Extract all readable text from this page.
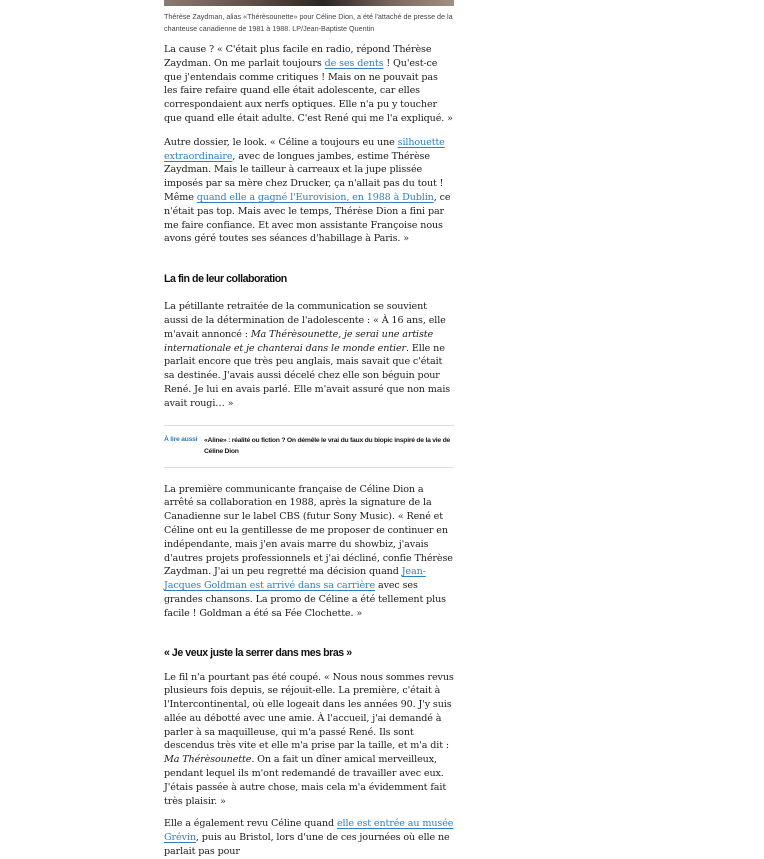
Thérèse Zaydman, alias «Thérèsounette» pour Céline Dion, a été l'attaché de presse de la chanteuse canadienne de 1981 à 1988. LP/Jean-Baptiste Quentin

La cause ? « C'était plus facile en radio, répond Thérèse Zaydman. On me parlait toujours de ses dents ! Qu'est-ce que j'entendais comme critiques ! Mais on ne pouvait pas les faire refaire quand elle était adolescente, car elles correspondaient aux nerfs optiques. Elle n'a pu y toucher que quand elle était adulte. C'est René qui me l'a expliqué. »

Autre dossier, le look. « Céline a toujours eu une silhouette extraordinaire, avec de longues jambes, estime Thérèse Zaydman. Mais le tailleur à carreaux et la jupe plissée imposés par sa mère chez Drucker, ça n'allait pas du tout ! Même quand elle a gagné l'Eurovision, en 1988 à Dublin, ce n'était pas top. Mais avec le temps, Thérèse Dion a fini par me faire confiance. Et avec mon assistante Françoise nous avons géré toutes ses séances d'habillage à Paris. »

La fin de leur collaboration

La pétillante retraitée de la communication se souvient aussi de la détermination de l'adolescente : « À 16 ans, elle m'avait annoncé : Ma Thérèsounette, je serai une artiste internationale et je chanterai dans le monde entier. Elle ne parlait encore que très peu anglais, mais savait que c'était sa destinée. J'avais aussi décelé chez elle son béguin pour René. Je lui en avais parlé. Elle m'avait assuré que non mais avait rougi… »

À lire aussi «Aline» : réalité ou fiction ? On démêle le vrai du faux du biopic inspiré de la vie de Céline Dion

La première communicante française de Céline Dion a arrêté sa collaboration en 1988, après la signature de la Canadienne sur le label CBS (futur Sony Music). « René et Céline ont eu la gentillesse de me proposer de continuer en indépendante, mais j'en avais marre du showbiz, j'avais d'autres projets professionnels et j'ai décliné, confie Thérèse Zaydman. J'ai un peu regretté ma décision quand Jean-Jacques Goldman est arrivé dans sa carrière avec ses grandes chansons. La promo de Céline a été tellement plus facile ! Goldman a été sa Fée Clochette. »

« Je veux juste la serrer dans mes bras »

Le fil n'a pourtant pas été coupé. « Nous nous sommes revus plusieurs fois depuis, se réjouit-elle. La première, c'était à l'Intercontinental, où elle logeait dans les années 90. J'y suis allée au débotté avec une amie. À l'accueil, j'ai demandé à parler à sa maquilleuse, qui m'a passé René. Ils sont descendus très vite et elle m'a prise par la taille, et m'a dit : Ma Thérèsounette. On a fait un dîner amical merveilleux, pendant lequel ils m'ont redemandé de travailler avec eux. J'étais passée à autre chose, mais cela m'a évidemment fait très plaisir. »

Elle a également revu Céline quand elle est entrée au musée Grévin, puis au Bristol, lors d'une de ces journées où elle ne parlait pas pour
